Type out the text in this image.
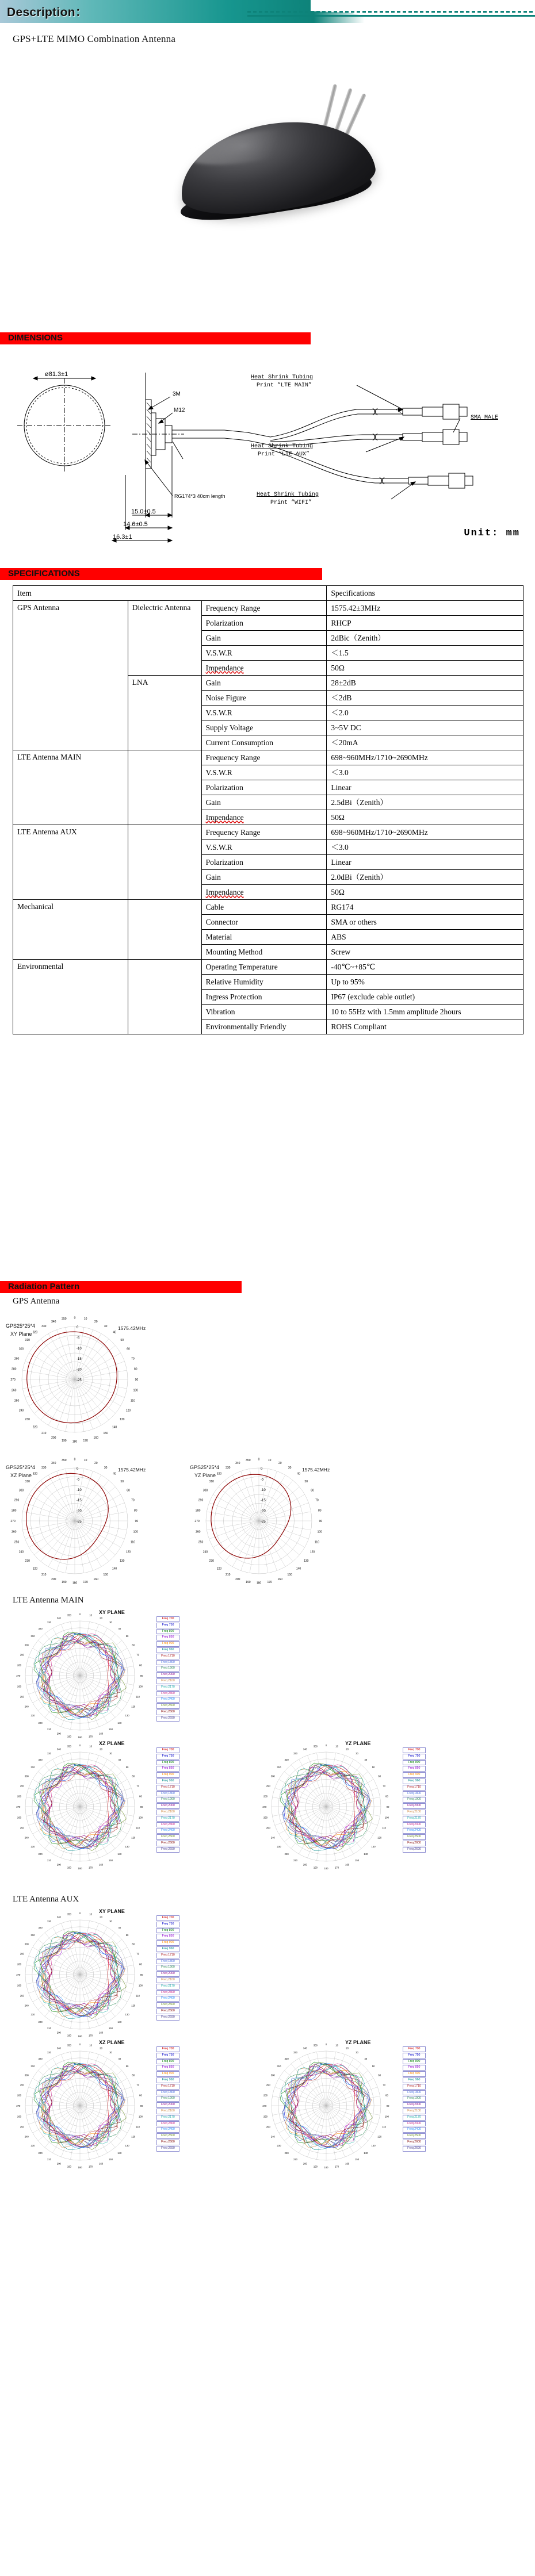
Description：
GPS+LTE MIMO Combination Antenna
DIMENSIONS
ø81.3±1
3M
M12
RG174*3 40cm length
15.0±0.5
14.6±0.5
16.3±1
Heat Shrink Tubing
Print “LTE MAIN”
Heat Shrink Tubing
Print “LTE AUX”
Heat Shrink Tubing
Print “WIFI”
SMA MALE
Unit: mm
SPECIFICATIONS
Item			Specifications
GPS Antenna	Dielectric Antenna	Frequency Range	1575.42±3MHz
		Polarization	RHCP
		Gain	2dBic（Zenith）
		V.S.W.R	＜1.5
		Impendance	50Ω
	LNA	Gain	28±2dB
		Noise Figure	＜2dB
		V.S.W.R	＜2.0
		Supply Voltage	3~5V DC
		Current Consumption	＜20mA
LTE Antenna MAIN		Frequency Range	698~960MHz/1710~2690MHz
		V.S.W.R	＜3.0
		Polarization	Linear
		Gain	2.5dBi（Zenith）
		Impendance	50Ω
LTE Antenna AUX		Frequency Range	698~960MHz/1710~2690MHz
		V.S.W.R	＜3.0
		Polarization	Linear
		Gain	2.0dBi（Zenith）
		Impendance	50Ω
Mechanical		Cable	RG174
		Connector	SMA or others
		Material	ABS
		Mounting Method	Screw
Environmental		Operating Temperature	-40℃~+85℃
		Relative Humidity	Up to 95%
		Ingress Protection	IP67 (exclude cable outlet)
		Vibration	10 to 55Hz with 1.5mm amplitude 2hours
		Environmentally Friendly	ROHS Compliant
Radiation Pattern
GPS Antenna
0	10
20
30
40
50
60
70
80
90
100
110
120
130
140
150
160
170
180
190
200
210
220
230
240
250
260
270
280
290
300
310
320
330
340
350
0
-5
-10
-15
-20
-25
GPS25*25*4
XY Plane
1575.42MHz
0	10
20
30
40
50
60
70
80
90
100
110
120
130
140
150
160
170
180
190
200
210
220
230
240
250
260
270
280
290
300
310
320
330
340
350
0
-5
-10
-15
-20
-25
GPS25*25*4
XZ Plane
1575.42MHz
0	10
20
30
40
50
60
70
80
90
100
110
120
130
140
150
160
170
180
190
200
210
220
230
240
250
260
270
280
290
300
310
320
330
340
350
0
-5
-10
-15
-20
-25
GPS25*25*4
YZ Plane
1575.42MHz
LTE Antenna MAIN
0	10
20
30
40
50
60
70
80
90
100
110
120
130
140
150
160
170
180
190
200
210
220
230
240
250
260
270
280
290
300
310
320
330
340
350
XY PLANE
Freq 700
Freq 750
Freq 800
Freq 850
Freq 900
Freq 960
Freq 1710
Freq 1800
Freq 1900
Freq 2000
Freq 2100
Freq 2170
Freq 2300
Freq 2400
Freq 2500
Freq 2600
Freq 2690
0	10
20
30
40
50
60
70
80
90
100
110
120
130
140
150
160
170
180
190
200
210
220
230
240
250
260
270
280
290
300
310
320
330
340
350
XZ PLANE
Freq 700
Freq 750
Freq 800
Freq 850
Freq 900
Freq 960
Freq 1710
Freq 1800
Freq 1900
Freq 2000
Freq 2100
Freq 2170
Freq 2300
Freq 2400
Freq 2500
Freq 2600
Freq 2690
0	10
20
30
40
50
60
70
80
90
100
110
120
130
140
150
160
170
180
190
200
210
220
230
240
250
260
270
280
290
300
310
320
330
340
350
YZ PLANE
Freq 700
Freq 750
Freq 800
Freq 850
Freq 900
Freq 960
Freq 1710
Freq 1800
Freq 1900
Freq 2000
Freq 2100
Freq 2170
Freq 2300
Freq 2400
Freq 2500
Freq 2600
Freq 2690
LTE Antenna AUX
0	10
20
30
40
50
60
70
80
90
100
110
120
130
140
150
160
170
180
190
200
210
220
230
240
250
260
270
280
290
300
310
320
330
340
350
XY PLANE
Freq 700
Freq 750
Freq 800
Freq 850
Freq 900
Freq 960
Freq 1710
Freq 1800
Freq 1900
Freq 2000
Freq 2100
Freq 2170
Freq 2300
Freq 2400
Freq 2500
Freq 2600
Freq 2690
0	10
20
30
40
50
60
70
80
90
100
110
120
130
140
150
160
170
180
190
200
210
220
230
240
250
260
270
280
290
300
310
320
330
340
350
XZ PLANE
Freq 700
Freq 750
Freq 800
Freq 850
Freq 900
Freq 960
Freq 1710
Freq 1800
Freq 1900
Freq 2000
Freq 2100
Freq 2170
Freq 2300
Freq 2400
Freq 2500
Freq 2600
Freq 2690
0	10
20
30
40
50
60
70
80
90
100
110
120
130
140
150
160
170
180
190
200
210
220
230
240
250
260
270
280
290
300
310
320
330
340
350
YZ PLANE
Freq 700
Freq 750
Freq 800
Freq 850
Freq 900
Freq 960
Freq 1710
Freq 1800
Freq 1900
Freq 2000
Freq 2100
Freq 2170
Freq 2300
Freq 2400
Freq 2500
Freq 2600
Freq 2690
